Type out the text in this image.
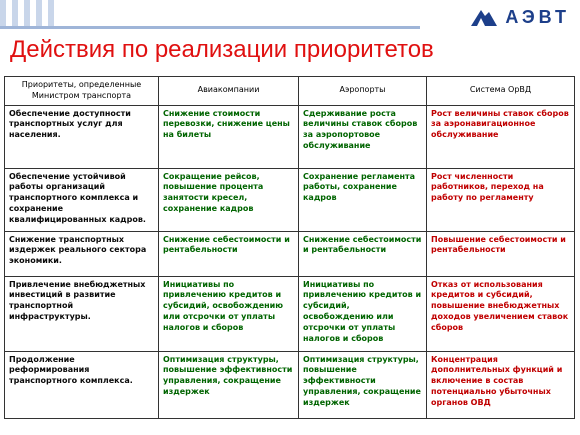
АЭВТ
Действия по реализации приоритетов
Приоритеты, определенные Министром транспорта	Авиакомпании	Аэропорты	Система ОрВД
Обеспечение доступности транспортных услуг для населения.	Снижение стоимости перевозки, снижение цены на билеты	Сдерживание роста величины ставок сборов за аэропортовое обслуживание	Рост величины ставок сборов за аэронавигационное обслуживание
Обеспечение устойчивой работы организаций транспортного комплекса и сохранение квалифицированных кадров.	Сокращение рейсов, повышение процента занятости кресел, сохранение кадров	Сохранение регламента работы, сохранение кадров	Рост численности работников, переход на работу по регламенту
Снижение транспортных издержек реального сектора экономики.	Снижение себестоимости и рентабельности	Снижение себестоимости и рентабельности	Повышение себестоимости и рентабельности
Привлечение внебюджетных инвестиций в развитие транспортной инфраструктуры.	Инициативы по привлечению кредитов и субсидий, освобождению или отсрочки от уплаты налогов и сборов	Инициативы по привлечению кредитов и субсидий, освобождению или отсрочки от уплаты налогов и сборов	Отказ от использования кредитов и субсидий, повышение внебюджетных доходов увеличением ставок сборов
Продолжение реформирования транспортного комплекса.	Оптимизация структуры, повышение эффективности управления, сокращение издержек	Оптимизация структуры, повышение эффективности управления, сокращение издержек	Концентрация дополнительных функций и включение в состав потенциально убыточных органов ОВД
